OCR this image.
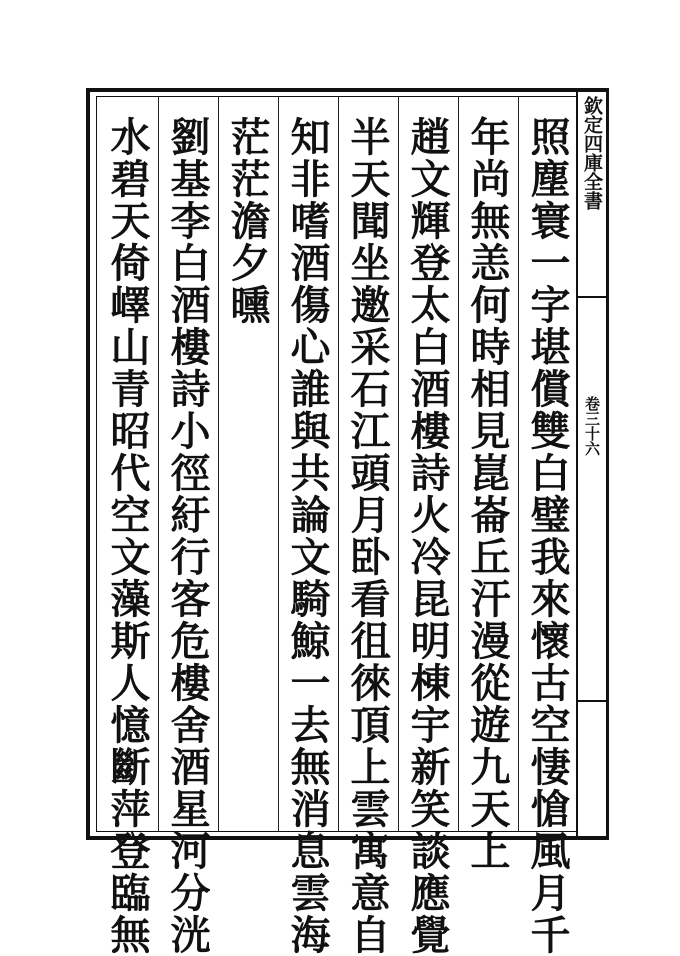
欽定四庫全書
卷三十六
照塵寰一字堪償雙白璧我來懷古空悽愴風月千
年尚無恙何時相見崑崙丘汗漫從遊九天上
趙文輝登太白酒樓詩火冷昆明棟宇新笑談應覺
半天聞坐邀采石江頭月卧看徂徠頂上雲寓意自
知非嗜酒傷心誰與共論文騎鯨一去無消息雲海
茫茫澹夕曛
劉基李白酒樓詩小徑紆行客危樓舍酒星河分洸
水碧天倚嶧山青昭代空文藻斯人憶斷萍登臨無
